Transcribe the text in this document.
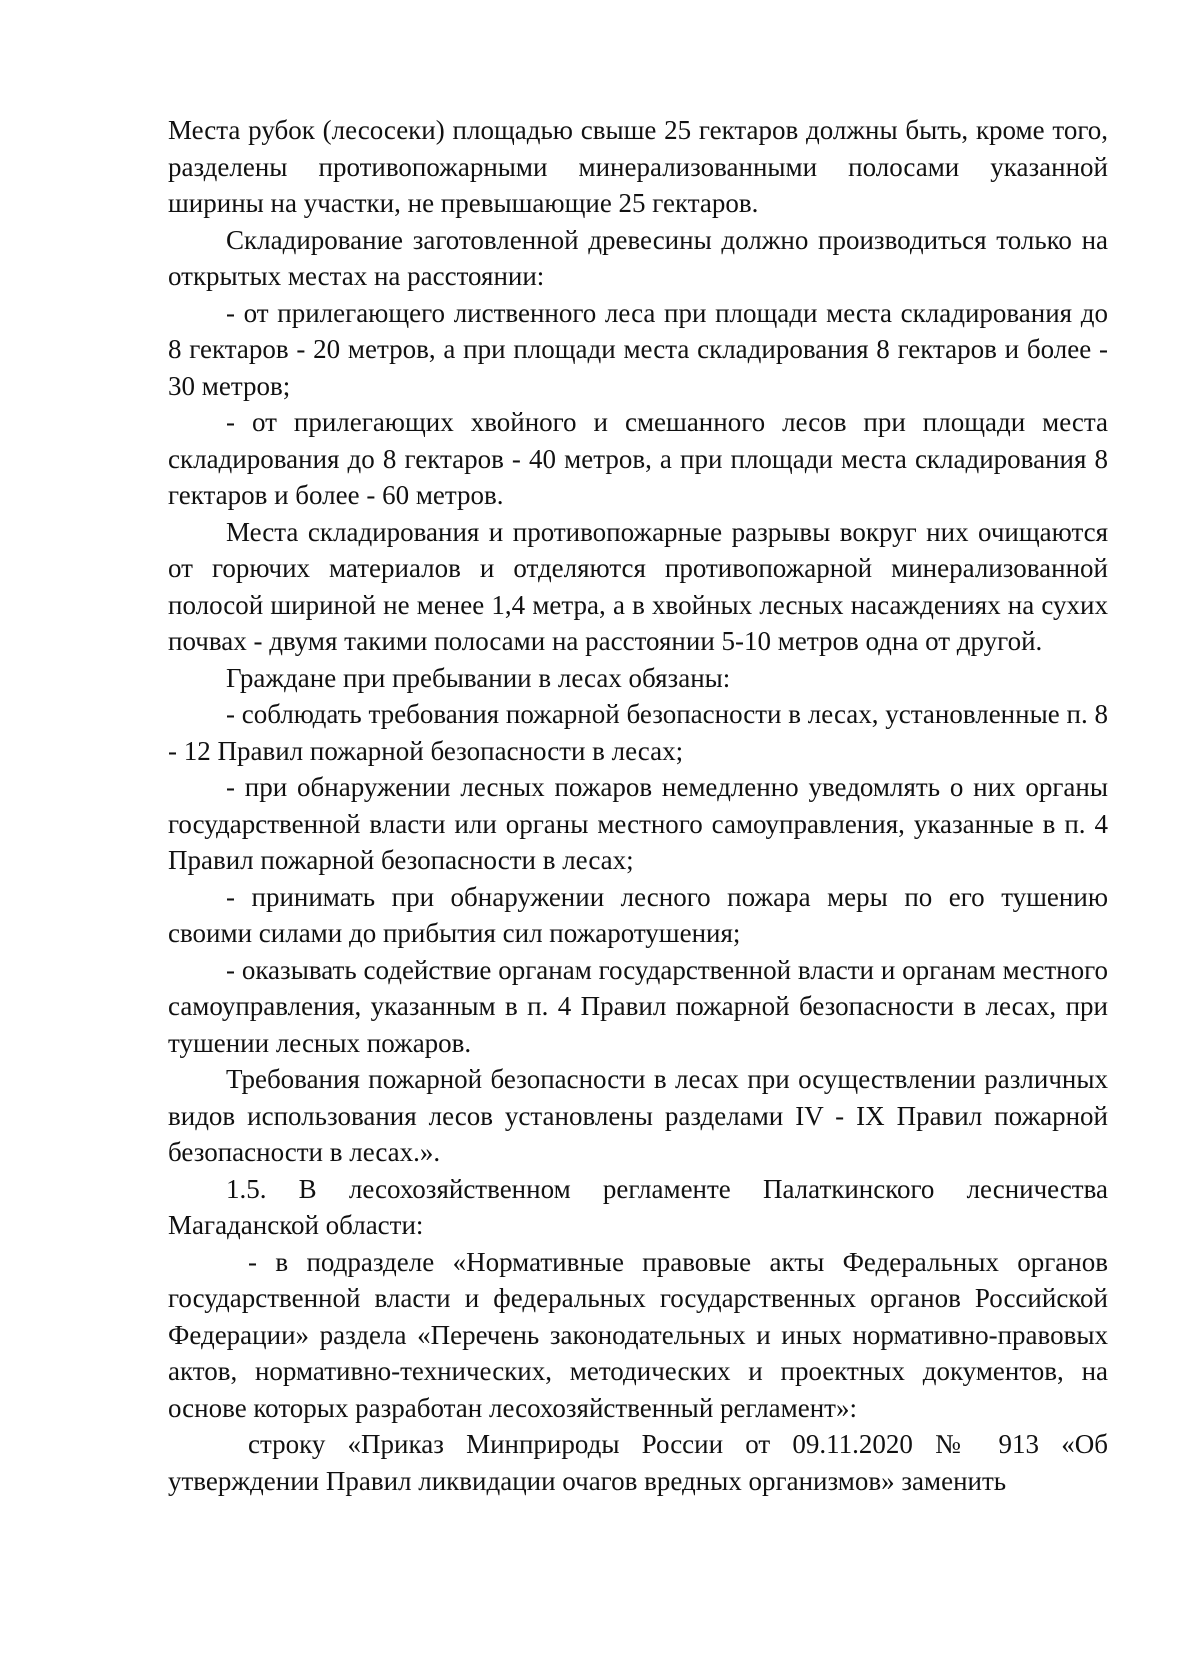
Места рубок (лесосеки) площадью свыше 25 гектаров должны быть, кроме того, разделены противопожарными минерализованными полосами указанной ширины на участки, не превышающие 25 гектаров.

Складирование заготовленной древесины должно производиться только на открытых местах на расстоянии:

- от прилегающего лиственного леса при площади места складирования до 8 гектаров - 20 метров, а при площади места складирования 8 гектаров и более - 30 метров;

- от прилегающих хвойного и смешанного лесов при площади места складирования до 8 гектаров - 40 метров, а при площади места складирования 8 гектаров и более - 60 метров.

Места складирования и противопожарные разрывы вокруг них очищаются от горючих материалов и отделяются противопожарной минерализованной полосой шириной не менее 1,4 метра, а в хвойных лесных насаждениях на сухих почвах - двумя такими полосами на расстоянии 5-10 метров одна от другой.

Граждане при пребывании в лесах обязаны:

- соблюдать требования пожарной безопасности в лесах, установленные п. 8 - 12 Правил пожарной безопасности в лесах;

- при обнаружении лесных пожаров немедленно уведомлять о них органы государственной власти или органы местного самоуправления, указанные в п. 4 Правил пожарной безопасности в лесах;

- принимать при обнаружении лесного пожара меры по его тушению своими силами до прибытия сил пожаротушения;

- оказывать содействие органам государственной власти и органам местного самоуправления, указанным в п. 4 Правил пожарной безопасности в лесах, при тушении лесных пожаров.

Требования пожарной безопасности в лесах при осуществлении различных видов использования лесов установлены разделами IV - IX Правил пожарной безопасности в лесах.».

1.5. В лесохозяйственном регламенте Палаткинского лесничества Магаданской области:

- в подразделе «Нормативные правовые акты Федеральных органов государственной власти и федеральных государственных органов Российской Федерации» раздела «Перечень законодательных и иных нормативно-правовых актов, нормативно-технических, методических и проектных документов, на основе которых разработан лесохозяйственный регламент»:

строку «Приказ Минприроды России от 09.11.2020 № 913 «Об утверждении Правил ликвидации очагов вредных организмов» заменить
